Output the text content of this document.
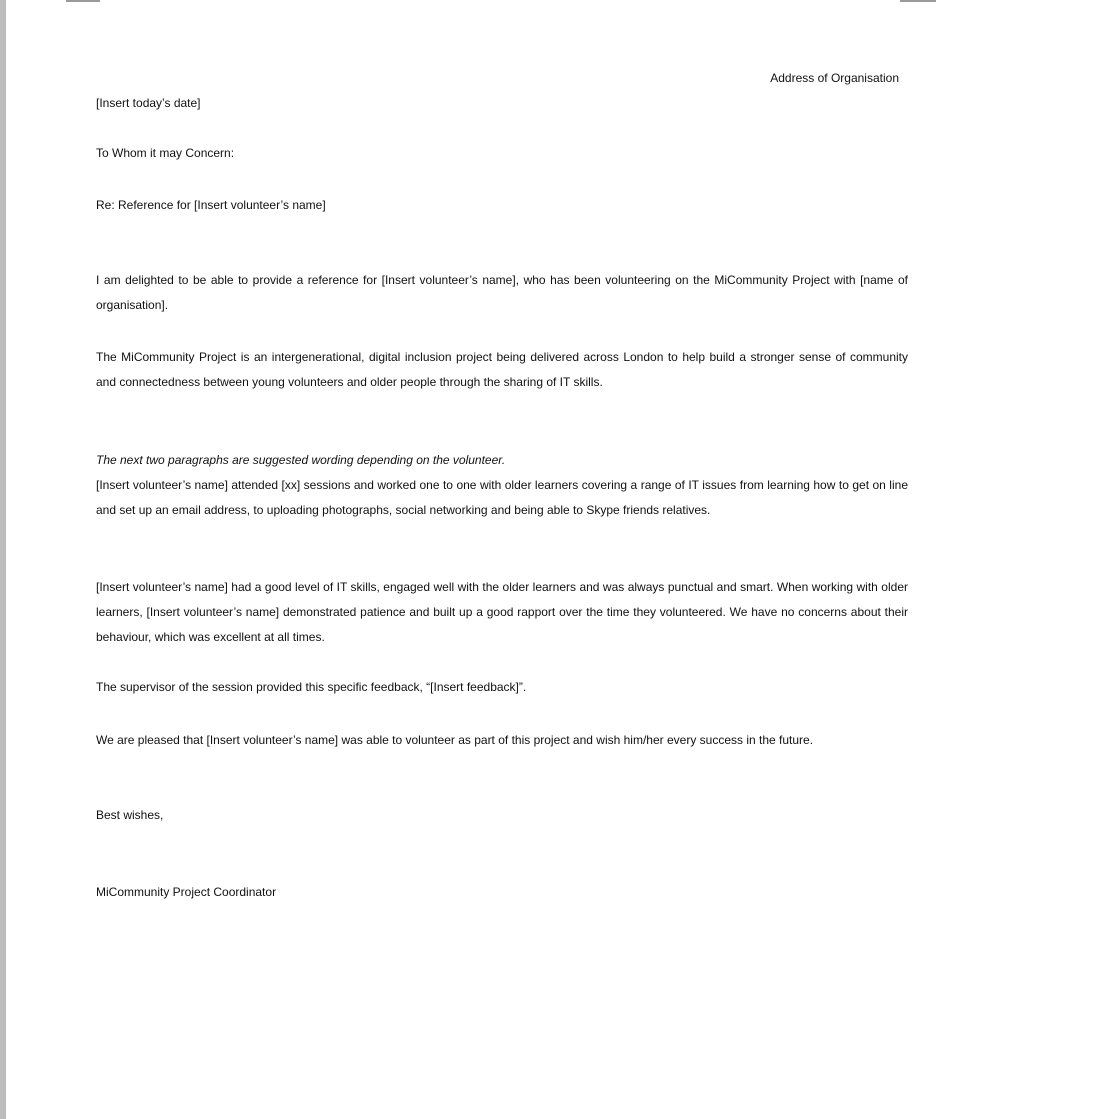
Address of Organisation
[Insert today’s date]
To Whom it may Concern:
Re: Reference for [Insert volunteer’s name]
I am delighted to be able to provide a reference for [Insert volunteer’s name], who has been volunteering on the MiCommunity Project with [name of organisation].
The MiCommunity Project is an intergenerational, digital inclusion project being delivered across London to help build a stronger sense of community and connectedness between young volunteers and older people through the sharing of IT skills.
The next two paragraphs are suggested wording depending on the volunteer.
[Insert volunteer’s name] attended [xx] sessions and worked one to one with older learners covering a range of IT issues from learning how to get on line and set up an email address, to uploading photographs, social networking and being able to Skype friends relatives.
[Insert volunteer’s name] had a good level of IT skills, engaged well with the older learners and was always punctual and smart. When working with older learners, [Insert volunteer’s name] demonstrated patience and built up a good rapport over the time they volunteered. We have no concerns about their behaviour, which was excellent at all times.
The supervisor of the session provided this specific feedback, “[Insert feedback]”.
We are pleased that [Insert volunteer’s name] was able to volunteer as part of this project and wish him/her every success in the future.
Best wishes,
MiCommunity Project Coordinator
